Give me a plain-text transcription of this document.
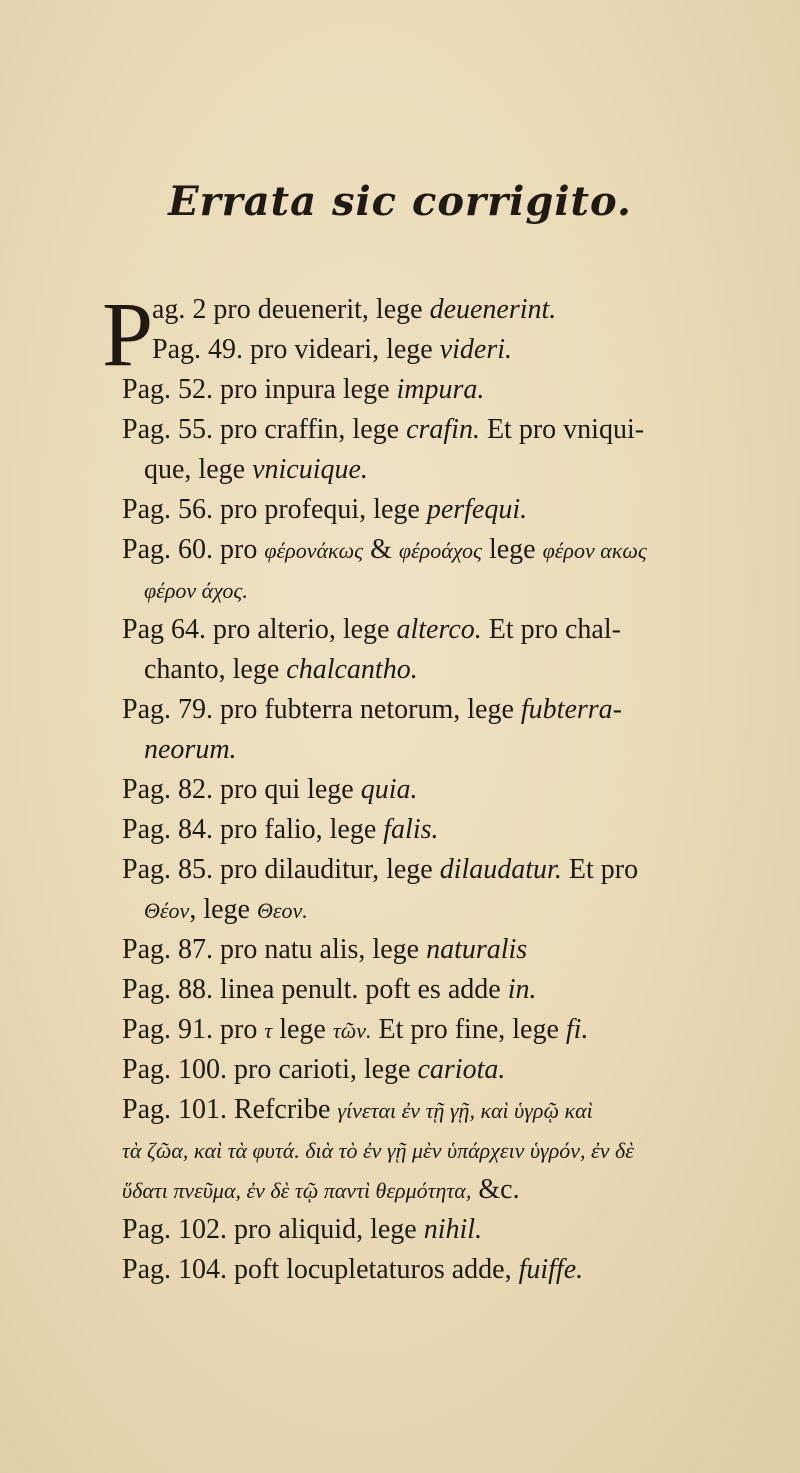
Errata sic corrigito.
P
ag. 2 pro deuenerit, lege deuenerint.
Pag. 49. pro videari, lege videri.
Pag. 52. pro inpura lege impura.
Pag. 55. pro craffin, lege crafin. Et pro vniqui-
que, lege vnicuique.
Pag. 56. pro profequi, lege perfequi.
Pag. 60. pro φέρονάκως & φέροάχος lege φέρον ακως
φέρον άχος.
Pag 64. pro alterio, lege alterco. Et pro chal-
chanto, lege chalcantho.
Pag. 79. pro fubterra netorum, lege fubterra-
neorum.
Pag. 82. pro qui lege quia.
Pag. 84. pro falio, lege falis.
Pag. 85. pro dilauditur, lege dilaudatur. Et pro
Θέον, lege Θεον.
Pag. 87. pro natu alis, lege naturalis
Pag. 88. linea penult. poft es adde in.
Pag. 91. pro τ lege τῶν. Et pro fine, lege fi.
Pag. 100. pro carioti, lege cariota.
Pag. 101. Refcribe γίνεται ἐν τῇ γῇ, καὶ ὑγρῷ καὶ
τὰ ζῶα, καὶ τὰ φυτά. διὰ τὸ ἐν γῇ μὲν ὑπάρχειν ὑγρόν, ἐν δὲ
ὕδατι πνεῦμα, ἐν δὲ τῷ παντὶ θερμότητα, &c.
Pag. 102. pro aliquid, lege nihil.
Pag. 104. poft locupletaturos adde, fuiffe.
